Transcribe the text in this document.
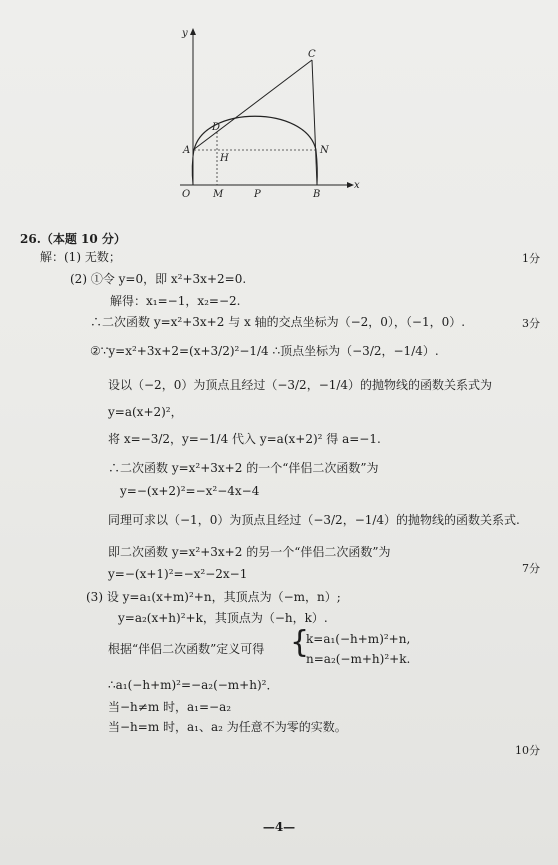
y
x
C
D
A
H
N
O M	P	B
26.（本题 10 分）
解：(1) 无数；	1分
(2) ①令 y=0，即 x²+3x+2=0.
解得：x₁=−1，x₂=−2.
∴二次函数 y=x²+3x+2 与 x 轴的交点坐标为（−2，0），（−1，0）.	3分
②∵y=x²+3x+2=(x+3/2)²−1/4 ∴顶点坐标为（−3/2，−1/4）.
设以（−2，0）为顶点且经过（−3/2，−1/4）的抛物线的函数关系式为
y=a(x+2)²，
将 x=−3/2，y=−1/4 代入 y=a(x+2)² 得 a=−1.
∴二次函数 y=x²+3x+2 的一个“伴侣二次函数”为
y=−(x+2)²=−x²−4x−4
同理可求以（−1，0）为顶点且经过（−3/2，−1/4）的抛物线的函数关系式.
即二次函数 y=x²+3x+2 的另一个“伴侣二次函数”为
y=−(x+1)²=−x²−2x−1	7分
(3) 设 y=a₁(x+m)²+n，其顶点为（−m，n）;
y=a₂(x+h)²+k，其顶点为（−h，k）.
根据“伴侣二次函数”定义可得 {
k=a₁(−h+m)²+n,
n=a₂(−m+h)²+k.
∴a₁(−h+m)²=−a₂(−m+h)²．
当−h≠m 时，a₁=−a₂
当−h=m 时，a₁、a₂ 为任意不为零的实数。
10分
—4—
